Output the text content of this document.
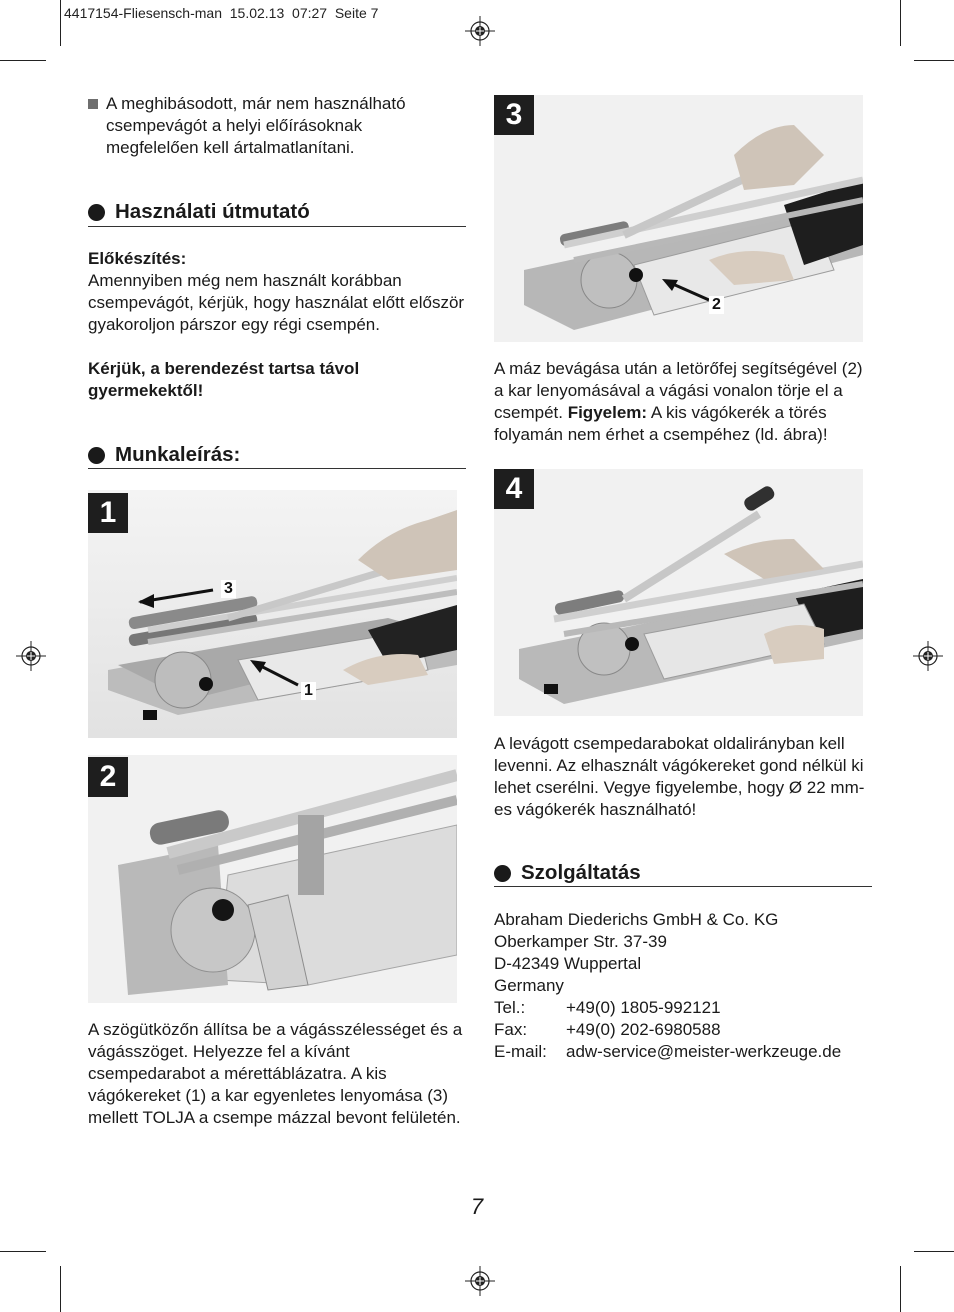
4417154-Fliesensch-man  15.02.13  07:27  Seite 7
A meghibásodott, már nem használható csempevágót a helyi előírásoknak megfelelően kell ártalmatlanítani.
Használati útmutató
Előkészítés:
Amennyiben még nem használt korábban csempevágót, kérjük, hogy használat előtt először gyakoroljon párszor egy régi csempén.
Kérjük, a berendezést tartsa távol gyermekektől!
Munkaleírás:
1
3
1
2
A szögütközőn állítsa be a vágásszélességet és a vágásszöget. Helyezze fel a kívánt csempedarabot a mérettáblázatra. A kis vágókereket (1) a kar egyenletes lenyomása (3) mellett TOLJA a csempe mázzal bevont felületén.
3
2
A máz bevágása után a letörőfej segítségével (2) a kar lenyomásával a vágási vonalon törje el a csempét. Figyelem: A kis vágókerék a törés folyamán nem érhet a csempéhez (ld. ábra)!
4
A levágott csempedarabokat oldalirányban kell levenni. Az elhasznált vágókereket gond nélkül ki lehet cserélni. Vegye figyelembe, hogy Ø 22 mm-es vágókerék használható!
Szolgáltatás
Abraham Diederichs GmbH & Co. KG
Oberkamper Str. 37-39
D-42349 Wuppertal
Germany
Tel.:	+49(0) 1805-992121
Fax:	+49(0) 202-6980588
E-mail:	adw-service@meister-werkzeuge.de
7
